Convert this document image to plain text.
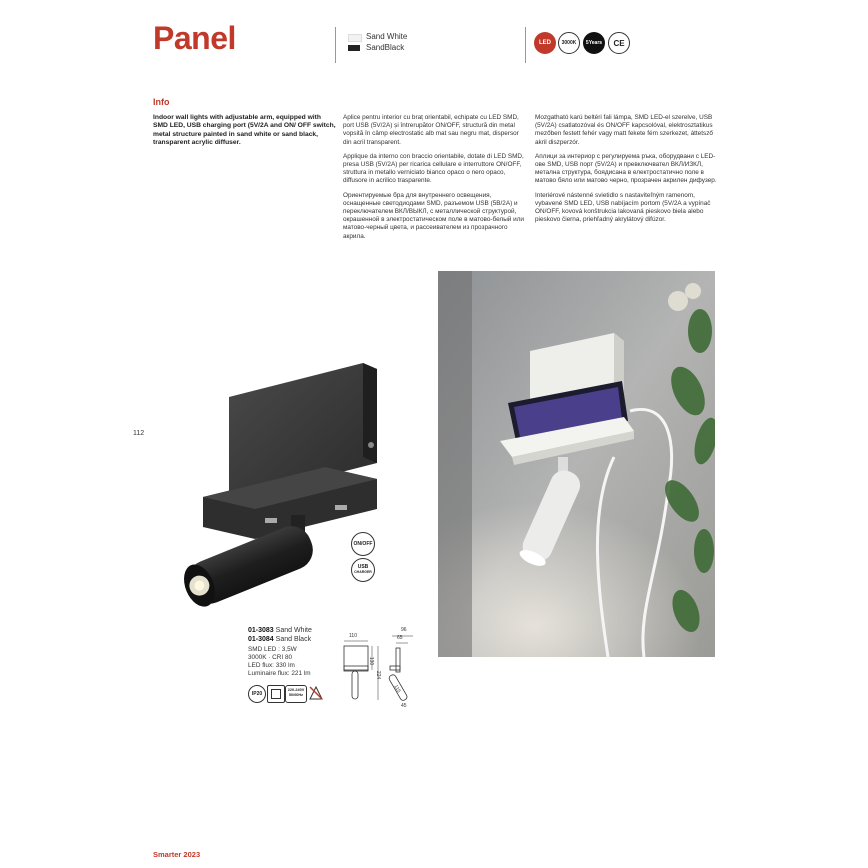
Panel	Sand White
SandBlack	LED	3000K	5Years	CE
Info
Indoor wall lights with adjustable arm, equipped with SMD LED, USB charging port (5V/2A and ON/ OFF switch, metal structure painted in sand white or sand black, transparent acrylic diffuser.

Aplice pentru interior cu braț orientabil, echipate cu LED SMD, port USB (5V/2A) și întrerupător ON/OFF, structură din metal vopsită în câmp electrostatic alb mat sau negru mat, dispersor din acril transparent.

Applique da interno con braccio orientabile, dotate di LED SMD, presa USB (5V/2A) per ricarica cellulare e interruttore ON/OFF, struttura in metallo verniciato bianco opaco o nero opaco, diffusore in acrilico trasparente.

Ориентируемые бра для внутреннего освещения, оснащенные светодиодами SMD, разъемом USB (5В/2А) и переключателем ВКЛ/ВЫКЛ, с металлической структурой, окрашенной в электростатическом поле в матово-белый или матово-черный цвета, и рассеивателем из прозрачного акрила.

Mozgatható karú beltéri fali lámpa, SMD LED-el szerelve, USB (5V/2A) csatlatozóval és ON/OFF kapcsolóval, elektrosztatikus mezőben festett fehér vagy matt fekete fém szerkezet, áttetsző akril diszperzór.

Аплици за интериор с регулируема ръка, оборудвани с LED-ове SMD, USB порт (5V/2A) и превключвател ВКЛ/ИЗКЛ, метална структура, боядисана в електростатично поле в матово бяло или матово черно, прозрачен акрилен дифузер.

Interiérové nástenné svietidlo s nastaviteľným ramenom, vybavené SMD LED, USB nabíjacím portom (5V/2A a vypínač ON/OFF, kovová konštrukcia lakovaná pieskovo biela alebo pieskovo čierna, priehľadný akrylátový difúzor.

112
ON/OFF
USB
CHARGER
01-3083 Sand White
01-3084 Sand Black
SMD LED : 3,5W
3000K · CRI 80
LED flux: 330 lm
Luminaire flux: 221 lm
IP20
220-240V
50/60Hz
110
130
224
96
65
115
45
Smarter 2023
